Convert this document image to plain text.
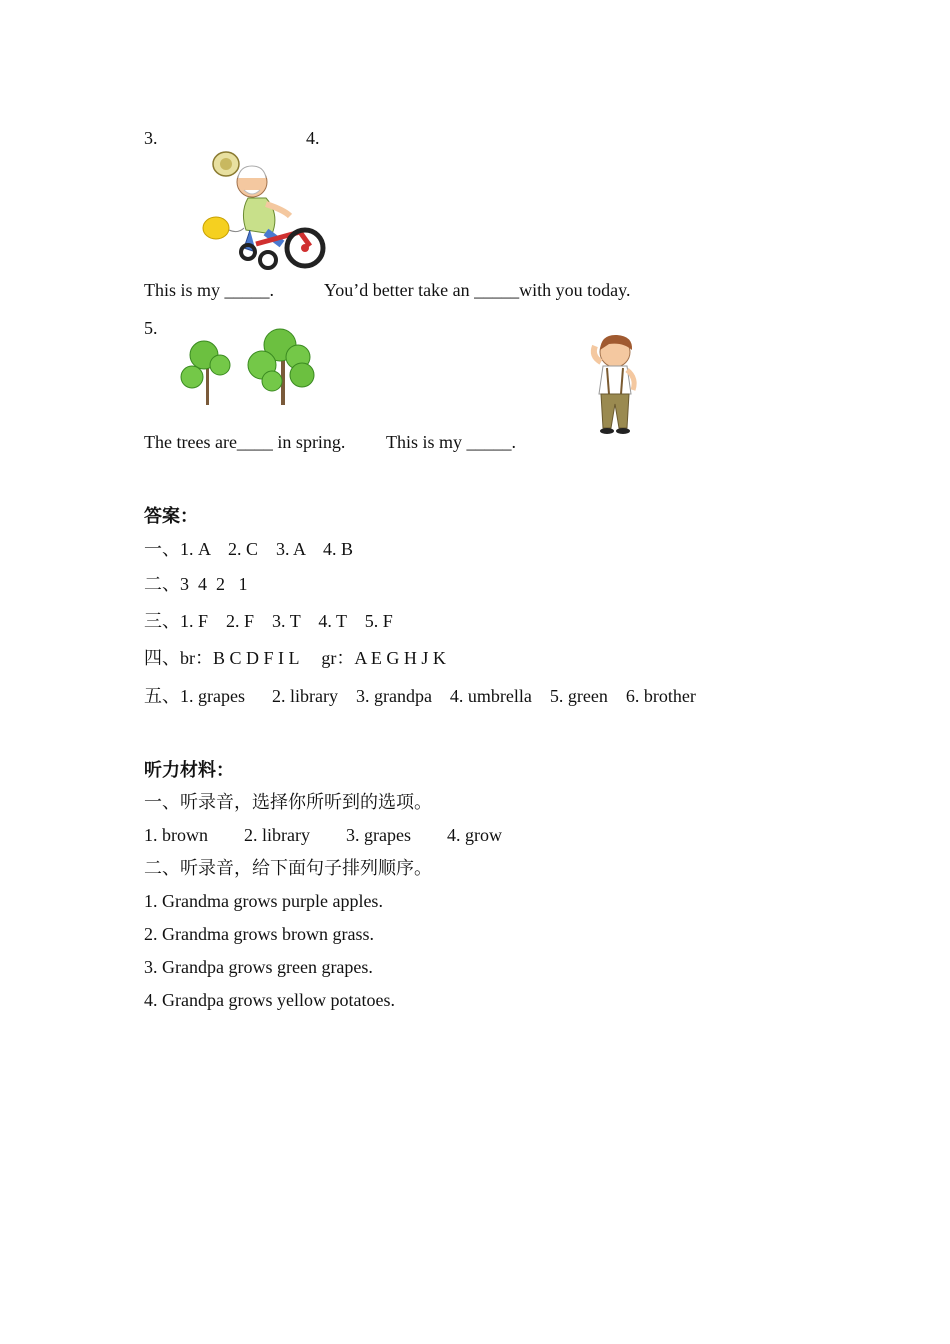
3.	4.
This is my _____.	You’d better take an _____with you today.
5.
The trees are____ in spring. This is my _____.
答案：
一、1. A    2. C    3. A    4. B
二、3  4  2   1
三、1. F    2. F    3. T    4. T    5. F
四、br：B C D F I L     gr：A E G H J K
五、1. grapes      2. library    3. grandpa    4. umbrella    5. green    6. brother
听力材料：
一、听录音，选择你所听到的选项。
1. brown        2. library        3. grapes        4. grow
二、听录音，给下面句子排列顺序。
1. Grandma grows purple apples.
2. Grandma grows brown grass.
3. Grandpa grows green grapes.
4. Grandpa grows yellow potatoes.
